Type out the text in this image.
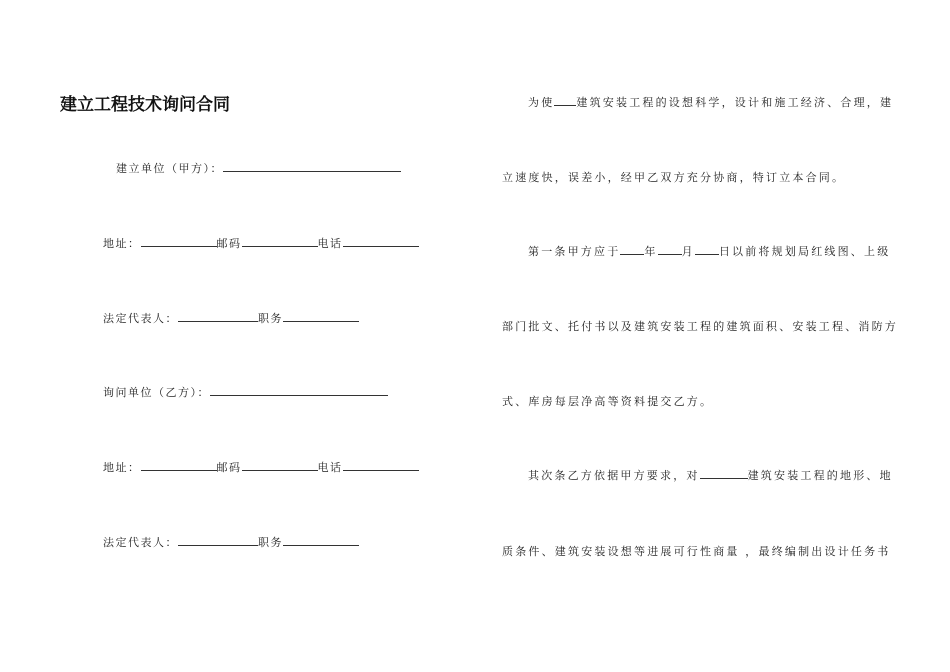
建立工程技术询问合同
建立单位（甲方）：
地址：	邮码	电话
法定代表人：	职务
询问单位（乙方）：
地址：	邮码	电话
法定代表人：	职务
为使 建筑安装工程的设想科学，设计和施工经济、合理，建
立速度快，误差小，经甲乙双方充分协商，特订立本合同。
第一条甲方应于 年 月 日以前将规划局红线图、上级
部门批文、托付书以及建筑安装工程的建筑面积、安装工程、消防方
式、库房每层净高等资料提交乙方。
其次条乙方依据甲方要求，对	建筑安装工程的地形、地
质条件、建筑安装设想等进展可行性商量 ，最终编制出设计任务书
